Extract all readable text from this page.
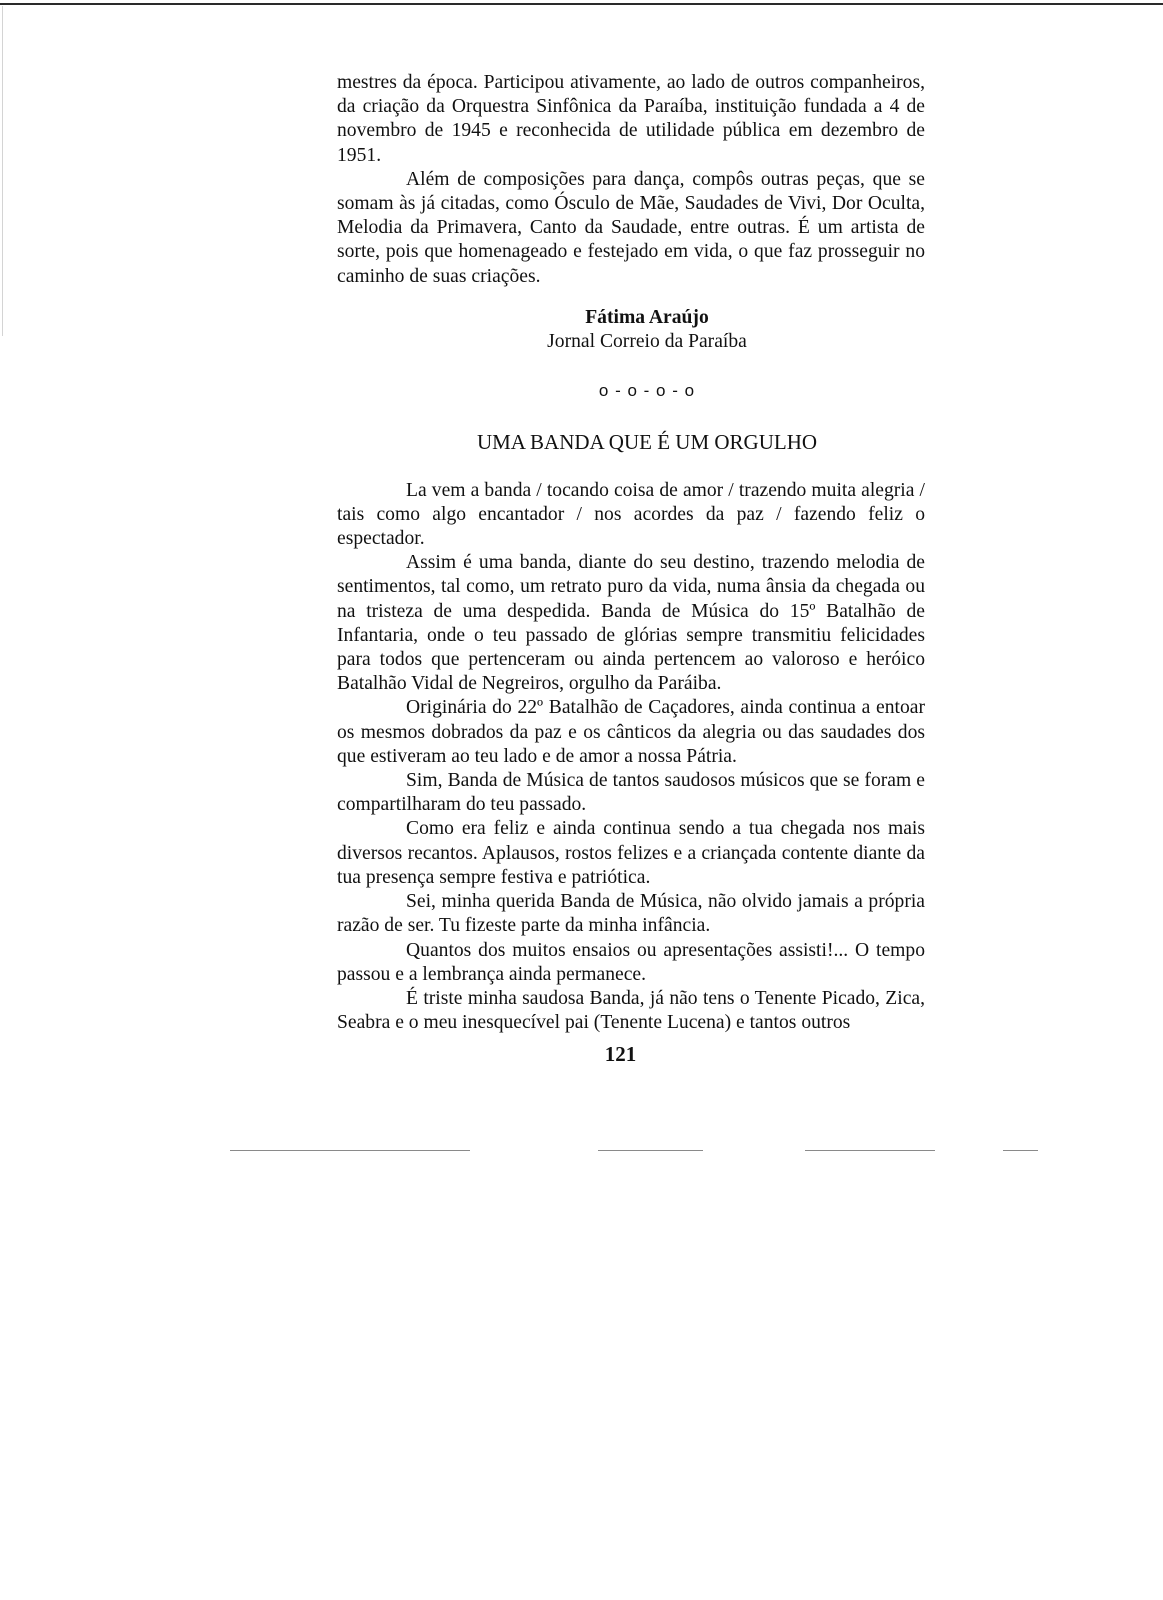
mestres da época. Participou ativamente, ao lado de outros companheiros, da criação da Orquestra Sinfônica da Paraíba, instituição fundada a 4 de novembro de 1945 e reconhecida de utilidade pública em dezembro de 1951.

Além de composições para dança, compôs outras peças, que se somam às já citadas, como Ósculo de Mãe, Saudades de Vivi, Dor Oculta, Melodia da Primavera, Canto da Saudade, entre outras. É um artista de sorte, pois que homenageado e festejado em vida, o que faz prosseguir no caminho de suas criações.

Fátima Araújo
Jornal Correio da Paraíba
o - o - o - o
UMA BANDA QUE É UM ORGULHO

La vem a banda / tocando coisa de amor / trazendo muita alegria / tais como algo encantador / nos acordes da paz / fazendo feliz o espectador.

Assim é uma banda, diante do seu destino, trazendo melodia de sentimentos, tal como, um retrato puro da vida, numa ânsia da chegada ou na tristeza de uma despedida. Banda de Música do 15º Batalhão de Infantaria, onde o teu passado de glórias sempre transmitiu felicidades para todos que pertenceram ou ainda pertencem ao valoroso e heróico Batalhão Vidal de Negreiros, orgulho da Paráiba.

Originária do 22º Batalhão de Caçadores, ainda continua a entoar os mesmos dobrados da paz e os cânticos da alegria ou das saudades dos que estiveram ao teu lado e de amor a nossa Pátria.

Sim, Banda de Música de tantos saudosos músicos que se foram e compartilharam do teu passado.

Como era feliz e ainda continua sendo a tua chegada nos mais diversos recantos. Aplausos, rostos felizes e a criançada contente diante da tua presença sempre festiva e patriótica.

Sei, minha querida Banda de Música, não olvido jamais a própria razão de ser. Tu fizeste parte da minha infância.

Quantos dos muitos ensaios ou apresentações assisti!... O tempo passou e a lembrança ainda permanece.

É triste minha saudosa Banda, já não tens o Tenente Picado, Zica, Seabra e o meu inesquecível pai (Tenente Lucena) e tantos outros

121
